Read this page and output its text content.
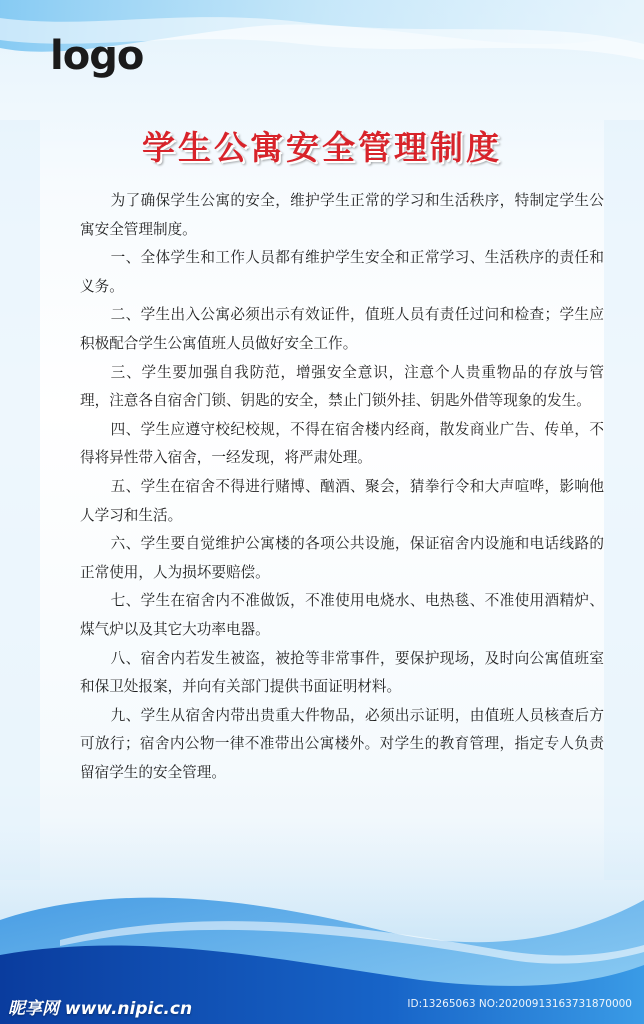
logo
学生公寓安全管理制度

为了确保学生公寓的安全，维护学生正常的学习和生活秩序，特制定学生公寓安全管理制度。

一、全体学生和工作人员都有维护学生安全和正常学习、生活秩序的责任和义务。

二、学生出入公寓必须出示有效证件，值班人员有责任过问和检查；学生应积极配合学生公寓值班人员做好安全工作。

三、学生要加强自我防范，增强安全意识，注意个人贵重物品的存放与管理，注意各自宿舍门锁、钥匙的安全，禁止门锁外挂、钥匙外借等现象的发生。

四、学生应遵守校纪校规，不得在宿舍楼内经商，散发商业广告、传单，不得将异性带入宿舍，一经发现，将严肃处理。

五、学生在宿舍不得进行赌博、酗酒、聚会，猜拳行令和大声喧哗，影响他人学习和生活。

六、学生要自觉维护公寓楼的各项公共设施，保证宿舍内设施和电话线路的正常使用，人为损坏要赔偿。

七、学生在宿舍内不准做饭，不准使用电烧水、电热毯、不准使用酒精炉、煤气炉以及其它大功率电器。

八、宿舍内若发生被盗，被抢等非常事件，要保护现场，及时向公寓值班室和保卫处报案，并向有关部门提供书面证明材料。

九、学生从宿舍内带出贵重大件物品，必须出示证明，由值班人员核查后方可放行；宿舍内公物一律不准带出公寓楼外。对学生的教育管理，指定专人负责留宿学生的安全管理。

昵享网 www.nipic.cn	ID:13265063 NO:20200913163731870000
